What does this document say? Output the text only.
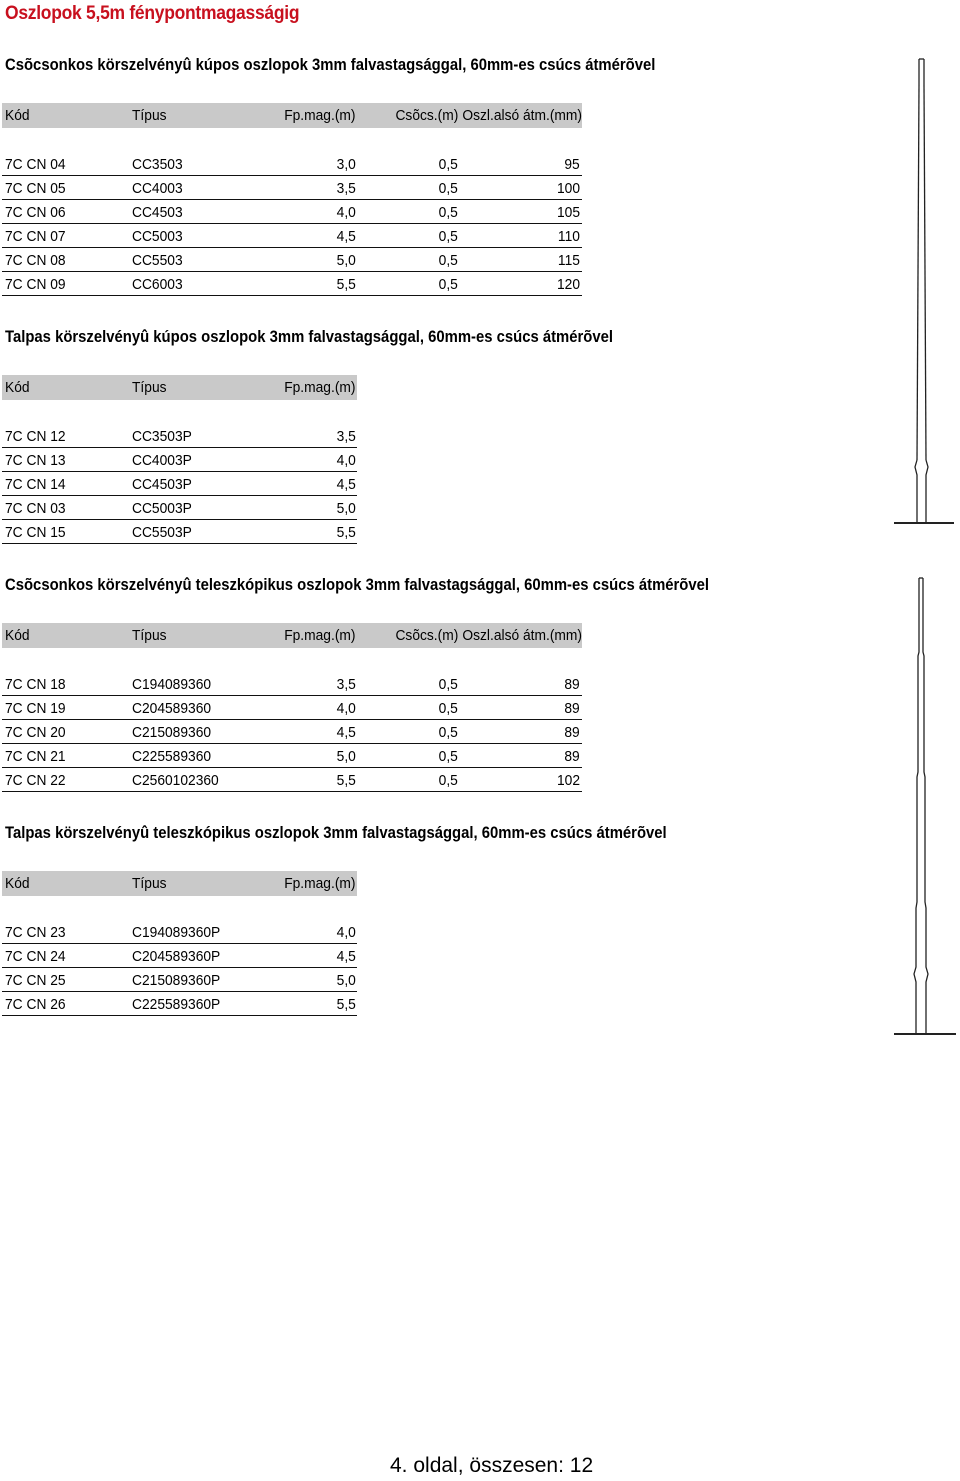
Oszlopok 5,5m fénypontmagasságig
Csõcsonkos körszelvényû kúpos oszlopok 3mm falvastagsággal, 60mm-es csúcs átmérõvel
Kód	Típus	Fp.mag.(m)	Csõcs.(m) Oszl.alsó átm.(mm)
7C CN 04	CC3503	3,0	0,5	95
7C CN 05	CC4003	3,5	0,5	100
7C CN 06	CC4503	4,0	0,5	105
7C CN 07	CC5003	4,5	0,5	110
7C CN 08	CC5503	5,0	0,5	115
7C CN 09	CC6003	5,5	0,5	120
Talpas körszelvényû kúpos oszlopok 3mm falvastagsággal, 60mm-es csúcs átmérõvel
Kód	Típus	Fp.mag.(m)
7C CN 12	CC3503P	3,5
7C CN 13	CC4003P	4,0
7C CN 14	CC4503P	4,5
7C CN 03	CC5003P	5,0
7C CN 15	CC5503P	5,5
Csõcsonkos körszelvényû teleszkópikus oszlopok 3mm falvastagsággal, 60mm-es csúcs átmérõvel
Kód	Típus	Fp.mag.(m)	Csõcs.(m) Oszl.alsó átm.(mm)
7C CN 18	C194089360	3,5	0,5	89
7C CN 19	C204589360	4,0	0,5	89
7C CN 20	C215089360	4,5	0,5	89
7C CN 21	C225589360	5,0	0,5	89
7C CN 22	C2560102360	5,5	0,5	102
Talpas körszelvényû teleszkópikus oszlopok 3mm falvastagsággal, 60mm-es csúcs átmérõvel
Kód	Típus	Fp.mag.(m)
7C CN 23	C194089360P	4,0
7C CN 24	C204589360P	4,5
7C CN 25	C215089360P	5,0
7C CN 26	C225589360P	5,5
4. oldal, összesen: 12
